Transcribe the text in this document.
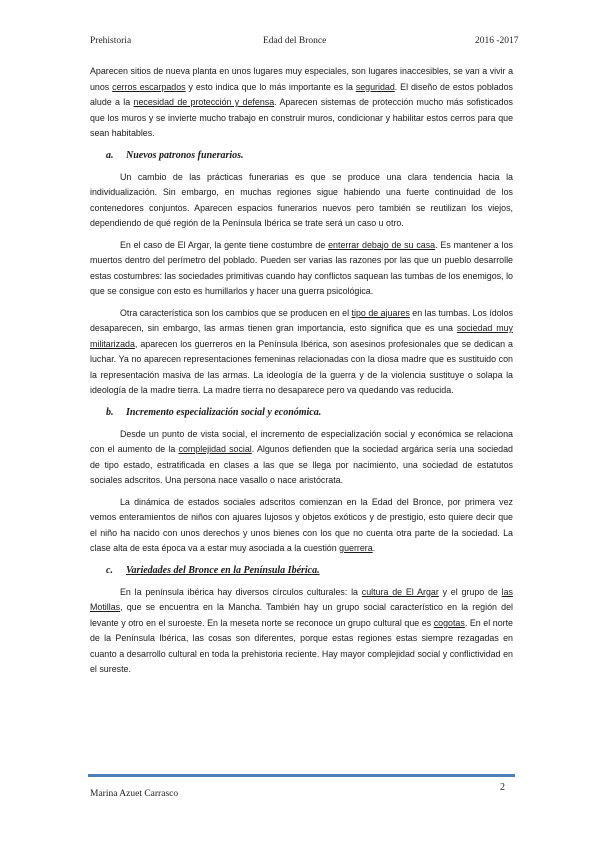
Prehistoria	Edad del Bronce	2016 -2017

Aparecen sitios de nueva planta en unos lugares muy especiales, son lugares inaccesibles, se van a vivir a unos cerros escarpados y esto indica que lo más importante es la seguridad. El diseño de estos poblados alude a la necesidad de protección y defensa. Aparecen sistemas de protección mucho más sofisticados que los muros y se invierte mucho trabajo en construir muros, condicionar y habilitar estos cerros para que sean habitables.

a. Nuevos patronos funerarios.

Un cambio de las prácticas funerarias es que se produce una clara tendencia hacia la individualización. Sin embargo, en muchas regiones sigue habiendo una fuerte continuidad de los contenedores conjuntos. Aparecen espacios funerarios nuevos pero también se reutilizan los viejos, dependiendo de qué región de la Península Ibérica se trate será un caso u otro.

En el caso de El Argar, la gente tiene costumbre de enterrar debajo de su casa. Es mantener a los muertos dentro del perímetro del poblado. Pueden ser varias las razones por las que un pueblo desarrolle estas costumbres: las sociedades primitivas cuando hay conflictos saquean las tumbas de los enemigos, lo que se consigue con esto es humillarlos y hacer una guerra psicológica.

Otra característica son los cambios que se producen en el tipo de ajuares en las tumbas. Los ídolos desaparecen, sin embargo, las armas tienen gran importancia, esto significa que es una sociedad muy militarizada, aparecen los guerreros en la Península Ibérica, son asesinos profesionales que se dedican a luchar. Ya no aparecen representaciones femeninas relacionadas con la diosa madre que es sustituido con la representación masiva de las armas. La ideología de la guerra y de la violencia sustituye o solapa la ideología de la madre tierra. La madre tierra no desaparece pero va quedando vas reducida.

b. Incremento especialización social y económica.

Desde un punto de vista social, el incremento de especialización social y económica se relaciona con el aumento de la complejidad social. Algunos defienden que la sociedad argárica sería una sociedad de tipo estado, estratificada en clases a las que se llega por nacimiento, una sociedad de estatutos sociales adscritos. Una persona nace vasallo o nace aristócrata.

La dinámica de estados sociales adscritos comienzan en la Edad del Bronce, por primera vez vemos enteramientos de niños con ajuares lujosos y objetos exóticos y de prestigio, esto quiere decir que el niño ha nacido con unos derechos y unos bienes con los que no cuenta otra parte de la sociedad. La clase alta de esta época va a estar muy asociada a la cuestión guerrera.

c. Variedades del Bronce en la Península Ibérica.

En la península ibérica hay diversos círculos culturales: la cultura de El Argar y el grupo de las Motillas, que se encuentra en la Mancha. También hay un grupo social característico en la región del levante y otro en el suroeste. En la meseta norte se reconoce un grupo cultural que es cogotas. En el norte de la Península Ibérica, las cosas son diferentes, porque estas regiones estas siempre rezagadas en cuanto a desarrollo cultural en toda la prehistoria reciente. Hay mayor complejidad social y conflictividad en el sureste.

Marina Azuet Carrasco
2
